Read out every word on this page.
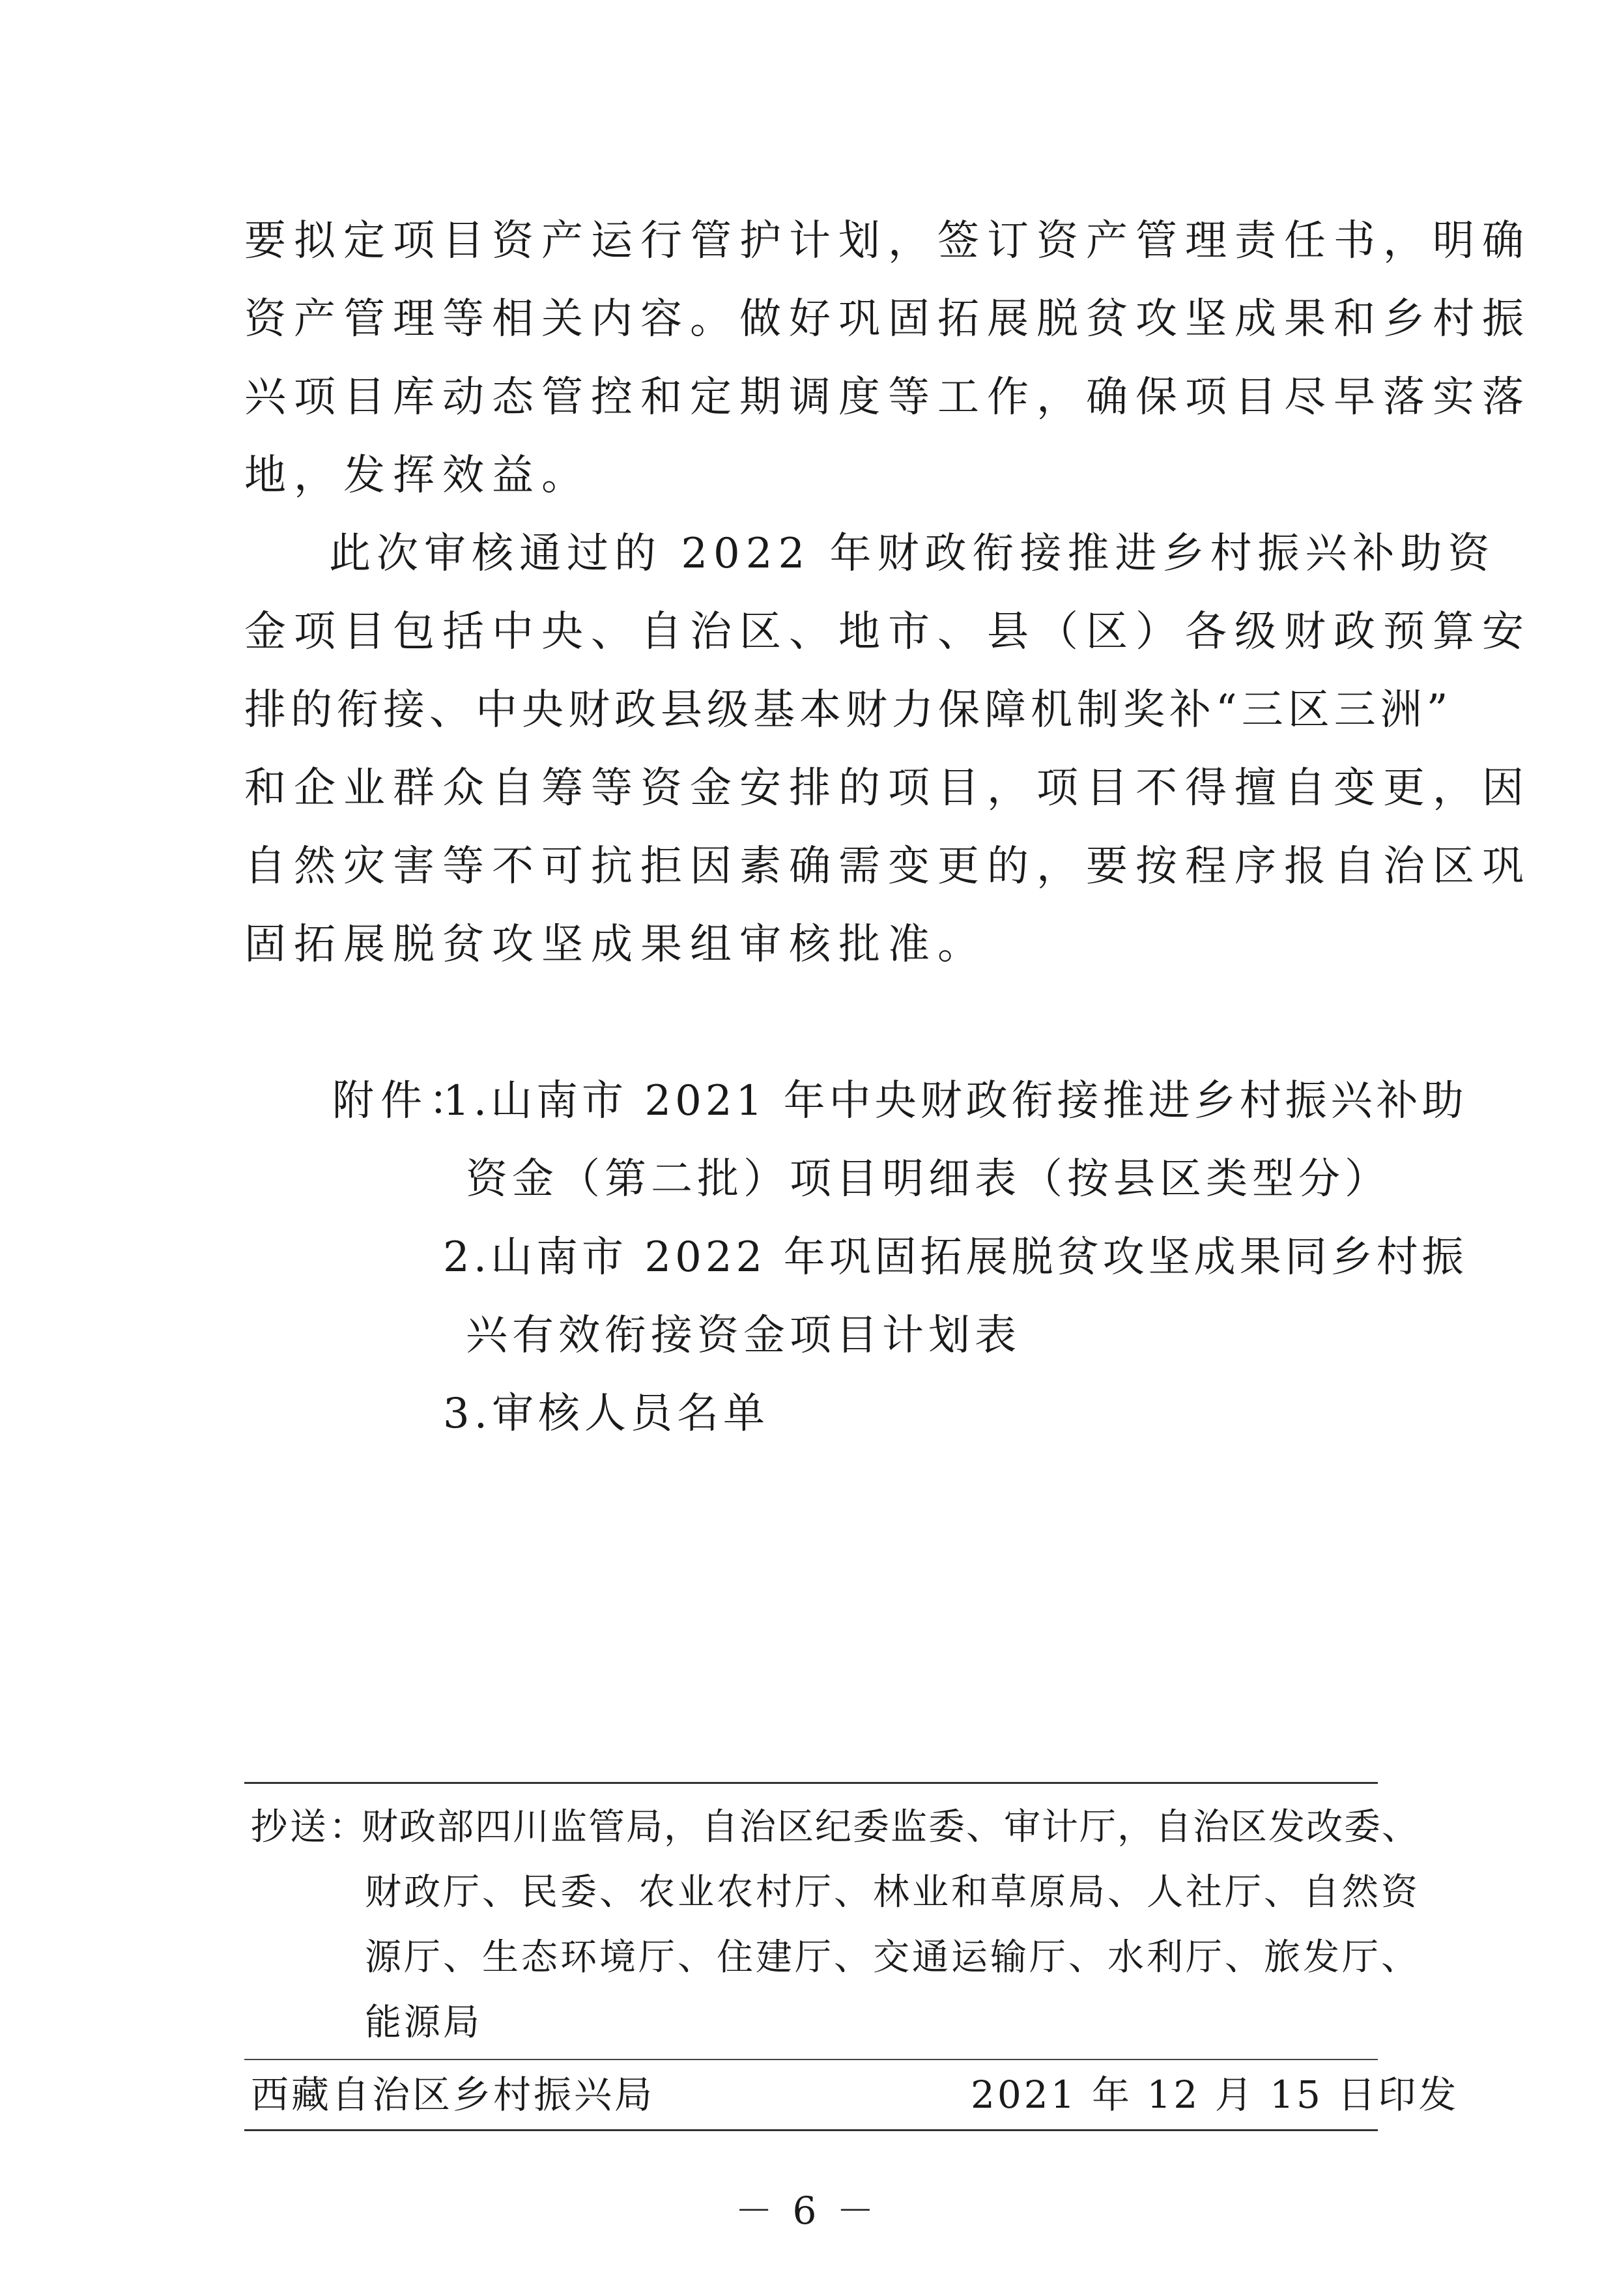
要拟定项目资产运行管护计划，签订资产管理责任书，明确
资产管理等相关内容。做好巩固拓展脱贫攻坚成果和乡村振
兴项目库动态管控和定期调度等工作，确保项目尽早落实落
地，发挥效益。
此次审核通过的 2022 年财政衔接推进乡村振兴补助资
金项目包括中央、自治区、地市、县（区）各级财政预算安
排的衔接、中央财政县级基本财力保障机制奖补“三区三洲”
和企业群众自筹等资金安排的项目，项目不得擅自变更，因
自然灾害等不可抗拒因素确需变更的，要按程序报自治区巩
固拓展脱贫攻坚成果组审核批准。
附件：
1.山南市 2021 年中央财政衔接推进乡村振兴补助
资金（第二批）项目明细表（按县区类型分）
2.山南市 2022 年巩固拓展脱贫攻坚成果同乡村振
兴有效衔接资金项目计划表
3.审核人员名单
抄送：
财政部四川监管局，自治区纪委监委、审计厅，自治区发改委、
财政厅、民委、农业农村厅、林业和草原局、人社厅、自然资
源厅、生态环境厅、住建厅、交通运输厅、水利厅、旅发厅、
能源局
西藏自治区乡村振兴局	2021 年 12 月 15 日印发
－ 6 －
